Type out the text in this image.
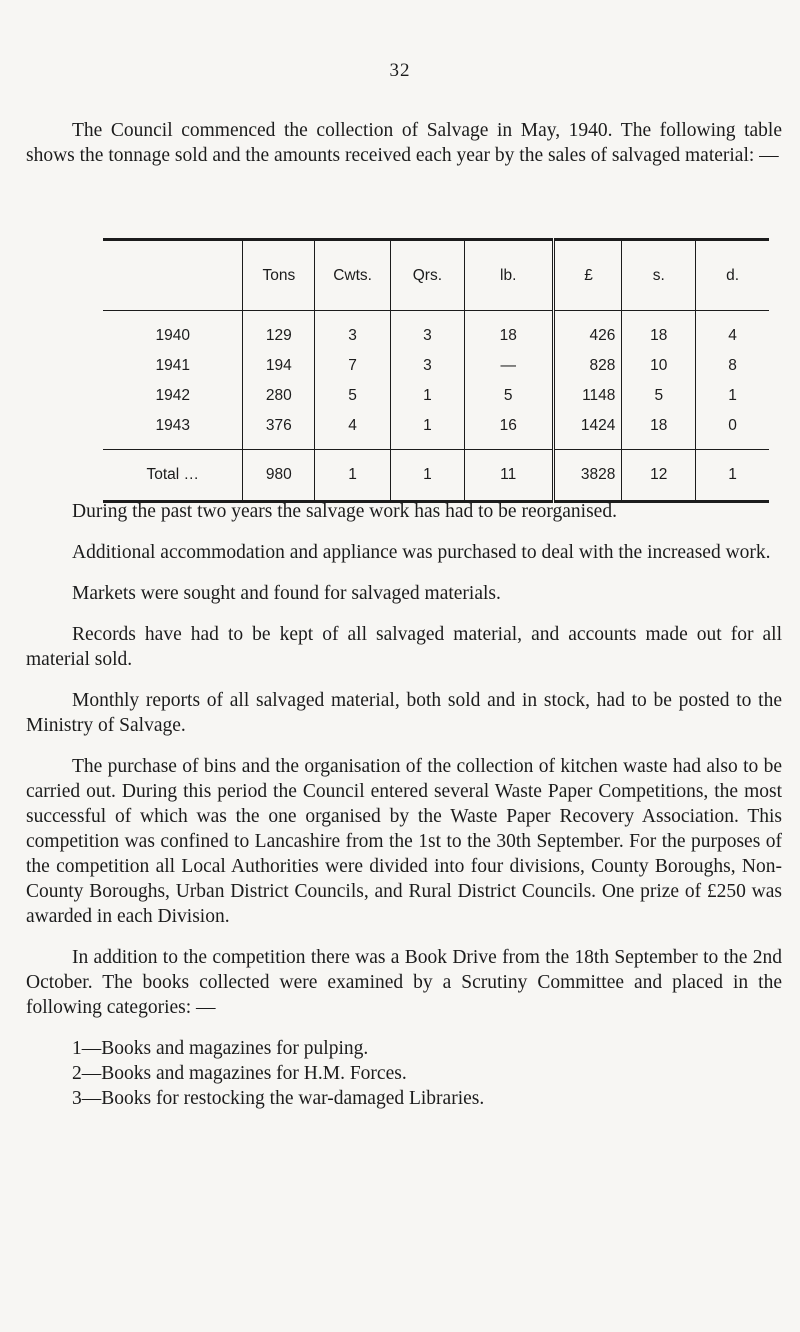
32

The Council commenced the collection of Salvage in May, 1940. The following table shows the tonnage sold and the amounts received each year by the sales of salvaged material: —

	Tons	Cwts.	Qrs.	lb.	£	s.	d.
1940	129	3	3	18	426	18	4
1941	194	7	3	—	828	10	8
1942	280	5	1	5	1148	5	1
1943	376	4	1	16	1424	18	0
Total …	980	1	1	11	3828	12	1

During the past two years the salvage work has had to be reorganised.

Additional accommodation and appliance was purchased to deal with the increased work.

Markets were sought and found for salvaged materials.

Records have had to be kept of all salvaged material, and accounts made out for all material sold.

Monthly reports of all salvaged material, both sold and in stock, had to be posted to the Ministry of Salvage.

The purchase of bins and the organisation of the collection of kitchen waste had also to be carried out. During this period the Council entered several Waste Paper Competitions, the most successful of which was the one organised by the Waste Paper Recovery Association. This competition was confined to Lancashire from the 1st to the 30th September. For the purposes of the competition all Local Authorities were divided into four divisions, County Boroughs, Non-County Boroughs, Urban District Councils, and Rural District Councils. One prize of £250 was awarded in each Division.

In addition to the competition there was a Book Drive from the 18th September to the 2nd October. The books collected were examined by a Scrutiny Committee and placed in the following categories: —

1—Books and magazines for pulping.
2—Books and magazines for H.M. Forces.
3—Books for restocking the war-damaged Libraries.
